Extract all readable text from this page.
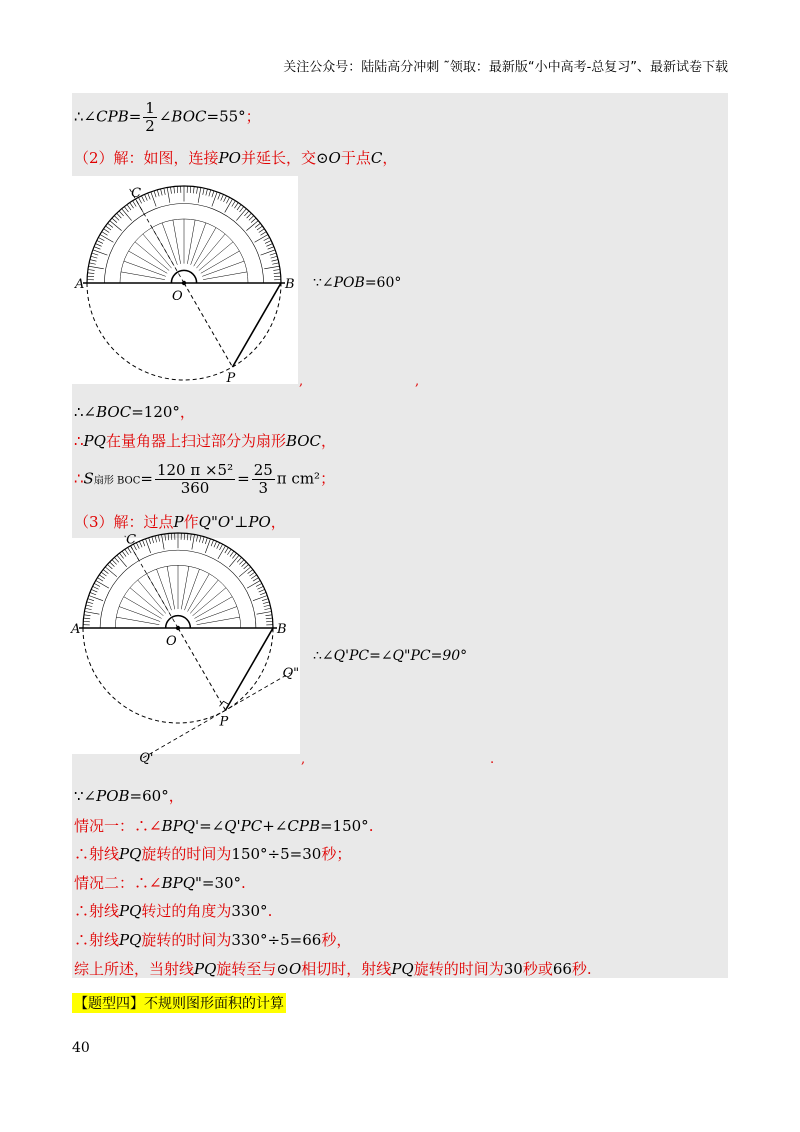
关注公众号：陆陆高分冲刺 ˜领取：最新版“小中高考-总复习”、最新试卷下载
∴∠CPB= $\frac{1}{2}$ ∠BOC=55°；
（2）解：如图，连接PO并延长，交⊙O于点C，
A	B
O
C
P
∵∠POB=60°
,	,
∴∠BOC=120°，
∴PQ在量角器上扫过部分为扇形BOC，
∴S扇形 $BOC= \frac{\text{120 π ×5²}}{360} = \frac{25}{3}$ π cm²；
（3）解：过点P作Q"O'⊥PO，
A	B
O
C
P
Q"
Q'
∴∠Q'PC=∠Q"PC=90°
,	.
∵∠POB=60°，
情况一：∴∠BPQ'=∠Q'PC+∠CPB=150°.
∴射线PQ旋转的时间为150°÷5=30秒；
情况二：∴∠BPQ"=30°.
∴射线PQ转过的角度为330°.
∴射线PQ旋转的时间为330°÷5=66秒，
综上所述，当射线PQ旋转至与⊙O相切时，射线PQ旋转的时间为30秒或66秒.
【题型四】不规则图形面积的计算
40
